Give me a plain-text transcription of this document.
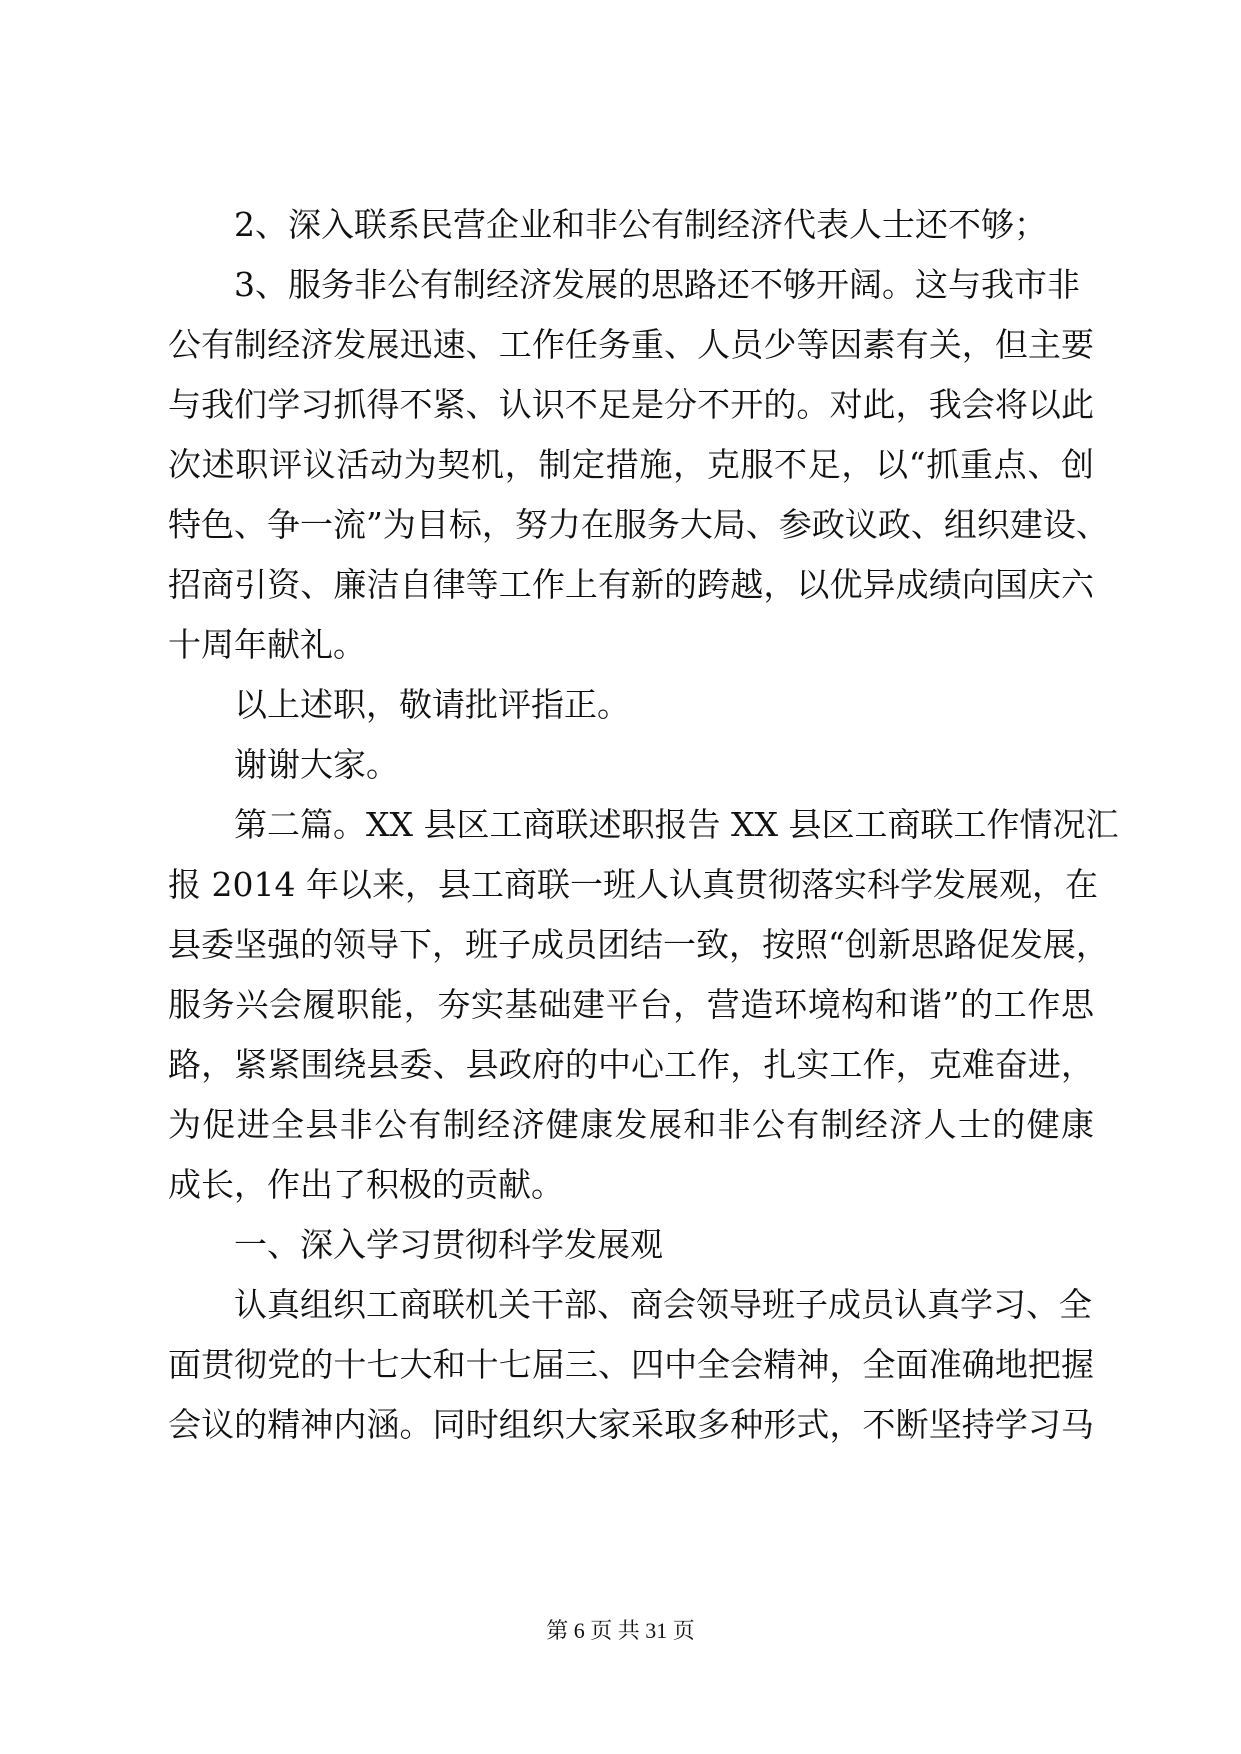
2、深入联系民营企业和非公有制经济代表人士还不够；
3、服务非公有制经济发展的思路还不够开阔。这与我市非
公有制经济发展迅速、工作任务重、人员少等因素有关，但主要
与我们学习抓得不紧、认识不足是分不开的。对此，我会将以此
次述职评议活动为契机，制定措施，克服不足，以“抓重点、创
特色、争一流”为目标，努力在服务大局、参政议政、组织建设、
招商引资、廉洁自律等工作上有新的跨越，以优异成绩向国庆六
十周年献礼。
以上述职，敬请批评指正。
谢谢大家。
第二篇。XX 县区工商联述职报告 XX 县区工商联工作情况汇
报 2014 年以来，县工商联一班人认真贯彻落实科学发展观，在
县委坚强的领导下，班子成员团结一致，按照“创新思路促发展，
服务兴会履职能，夯实基础建平台，营造环境构和谐”的工作思
路，紧紧围绕县委、县政府的中心工作，扎实工作，克难奋进，
为促进全县非公有制经济健康发展和非公有制经济人士的健康
成长，作出了积极的贡献。
一、深入学习贯彻科学发展观
认真组织工商联机关干部、商会领导班子成员认真学习、全
面贯彻党的十七大和十七届三、四中全会精神，全面准确地把握
会议的精神内涵。同时组织大家采取多种形式，不断坚持学习马
第 6 页 共 31 页
